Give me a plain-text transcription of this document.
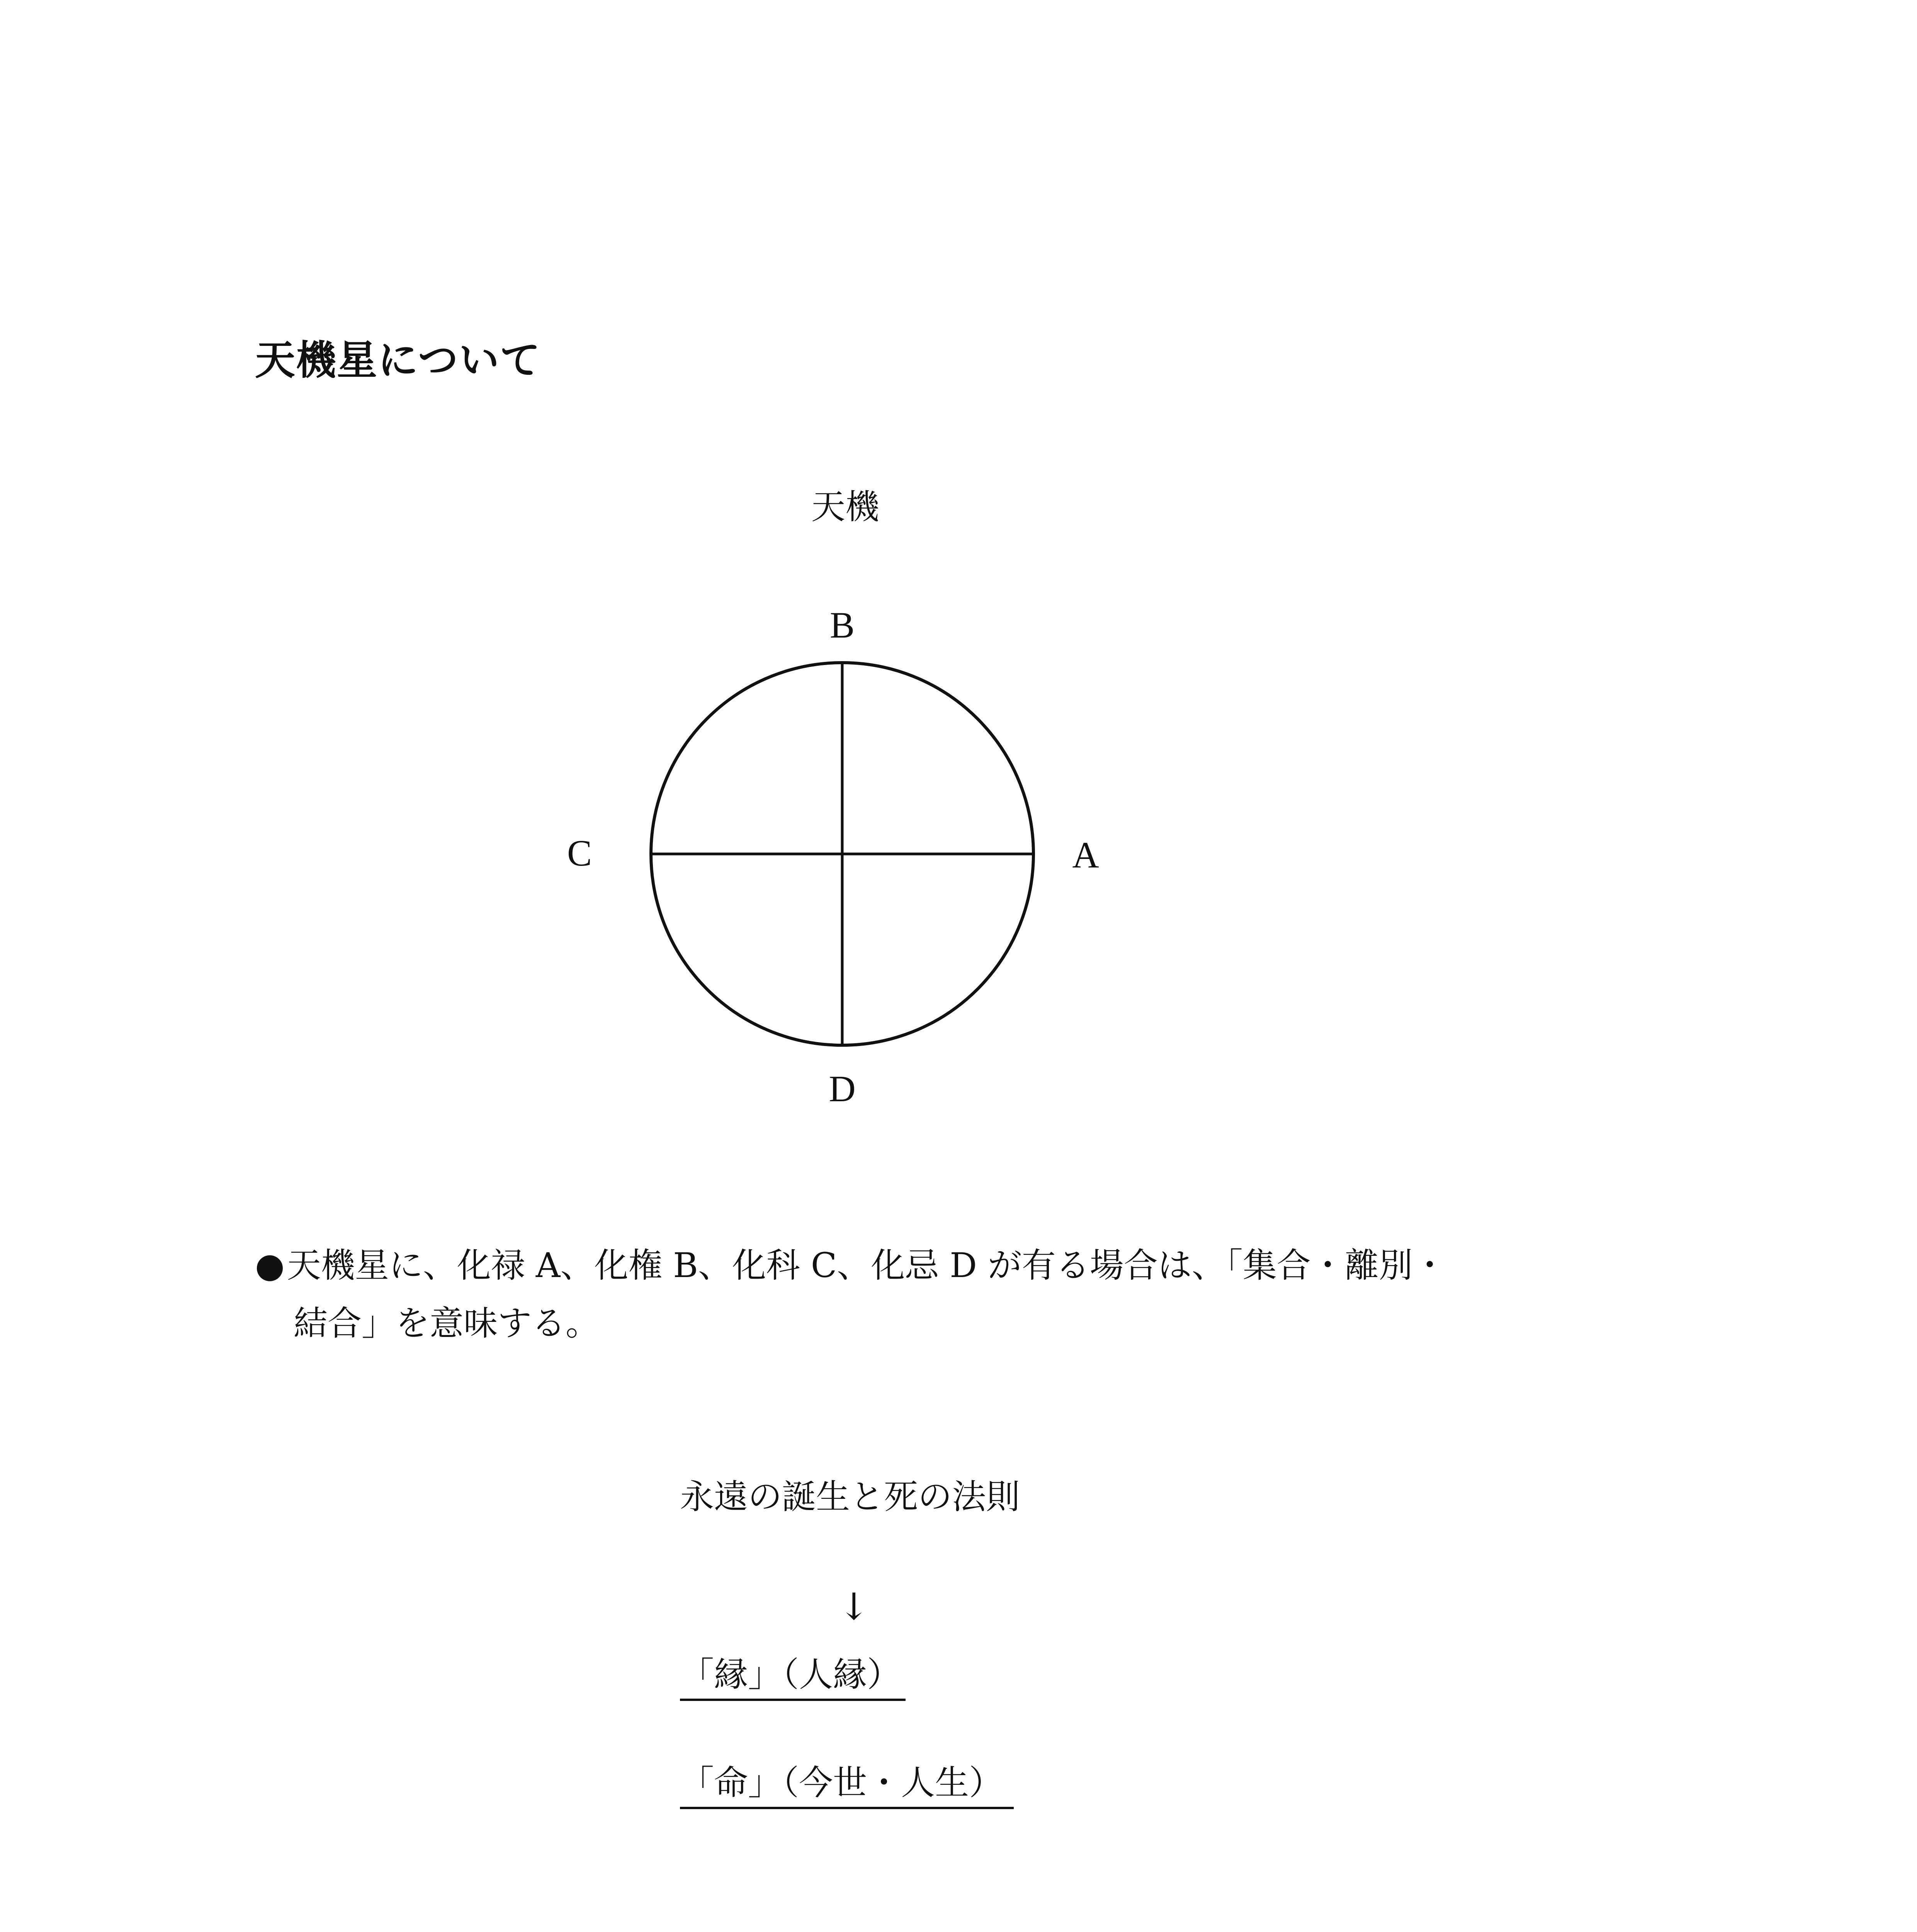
天機星について
天機
B
A
D
C
●天機星に、化禄 A、化権 B、化科 C、化忌 D が有る場合は、「集合・離別・
結合」を意味する。
永遠の誕生と死の法則
↓
「縁」（人縁）
「命」（今世・人生）
